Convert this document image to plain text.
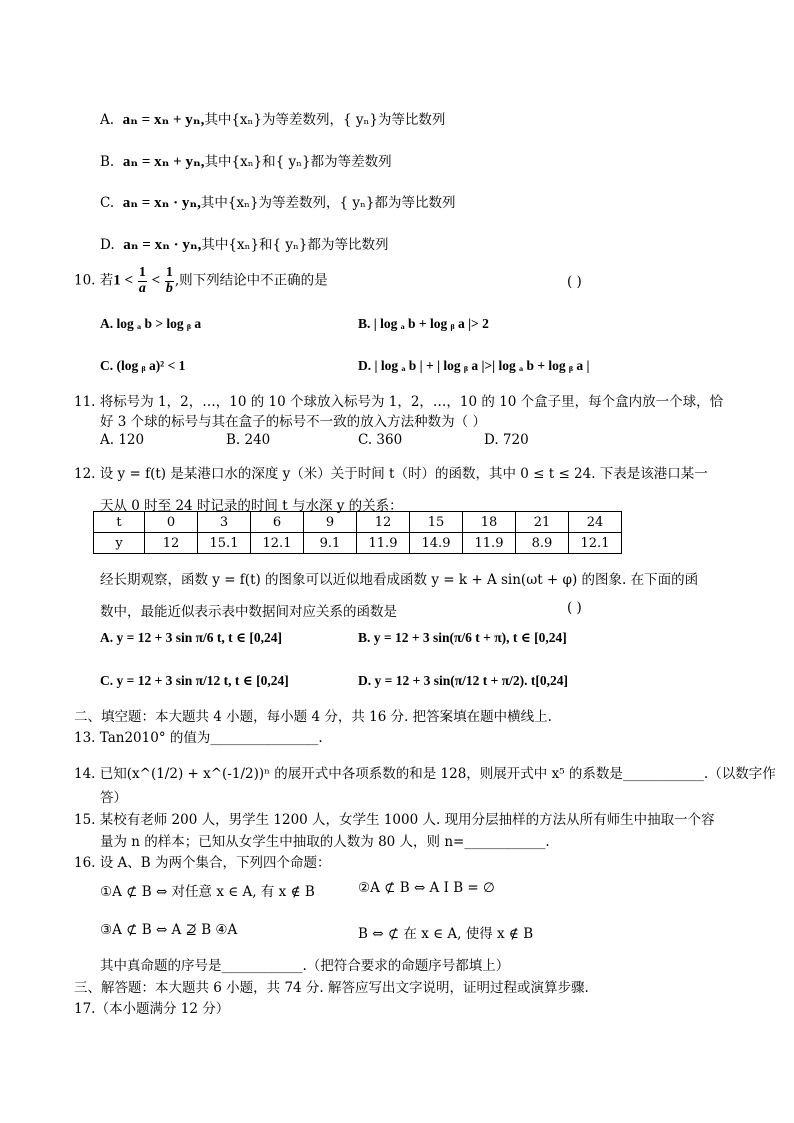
A. aₙ = xₙ + yₙ,其中{xₙ}为等差数列，{ yₙ}为等比数列
B. aₙ = xₙ + yₙ,其中{xₙ}和{ yₙ}都为等差数列
C. aₙ = xₙ · yₙ,其中{xₙ}为等差数列，{ yₙ}都为等比数列
D. aₙ = xₙ · yₙ,其中{xₙ}和{ yₙ}都为等比数列
10. 若$1 < \frac{1}{a} < \frac{1}{b}$ ,则下列结论中不正确的是	( )
A. log ₐ b > log ᵦ a	B. | log ₐ b + log ᵦ a |> 2
C. (log ᵦ a)² < 1	D. | log ₐ b | + | log ᵦ a |>| log ₐ b + log ᵦ a |
11. 将标号为 1，2，…，10 的 10 个球放入标号为 1，2，…，10 的 10 个盒子里，每个盒内放一个球，恰
好 3 个球的标号与其在盒子的标号不一致的放入方法种数为（ ）
A. 120	B. 240	C. 360	D. 720
12. 设 y = f(t) 是某港口水的深度 y（米）关于时间 t（时）的函数，其中 0 ≤ t ≤ 24. 下表是该港口某一
天从 0 时至 24 时记录的时间 t 与水深 y 的关系：
t	0	3	6	9	12	15	18	21	24
y	12	15.1	12.1	9.1	11.9	14.9	11.9	8.9	12.1
经长期观察，函数 y = f(t) 的图象可以近似地看成函数 y = k + A sin(ωt + φ) 的图象. 在下面的函
数中，最能近似表示表中数据间对应关系的函数是	( )
A. y = 12 + 3 sin π/6 t, t ∈ [0,24]	B. y = 12 + 3 sin(π/6 t + π), t ∈ [0,24]
C. y = 12 + 3 sin π/12 t, t ∈ [0,24]	D. y = 12 + 3 sin(π/12 t + π/2). t[0,24]
二、填空题：本大题共 4 小题，每小题 4 分，共 16 分. 把答案填在题中横线上.
13. Tan2010° 的值为________________.
14. 已知(x^(1/2) + x^(-1/2))ⁿ 的展开式中各项系数的和是 128，则展开式中 x⁵ 的系数是____________.（以数字作
答）
15. 某校有老师 200 人，男学生 1200 人，女学生 1000 人. 现用分层抽样的方法从所有师生中抽取一个容
量为 n 的样本；已知从女学生中抽取的人数为 80 人，则 n=____________.
16. 设 A、B 为两个集合，下列四个命题：
①A ⊄ B ⇔ 对任意 x ∈ A, 有 x ∉ B	②A ⊄ B ⇔ A I B = ∅
③A ⊄ B ⇔ A ⊉ B ④A	B ⇔ ⊄ 在 x ∈ A, 使得 x ∉ B
其中真命题的序号是____________.（把符合要求的命题序号都填上）
三、解答题：本大题共 6 小题，共 74 分. 解答应写出文字说明，证明过程或演算步骤.
17.（本小题满分 12 分）
